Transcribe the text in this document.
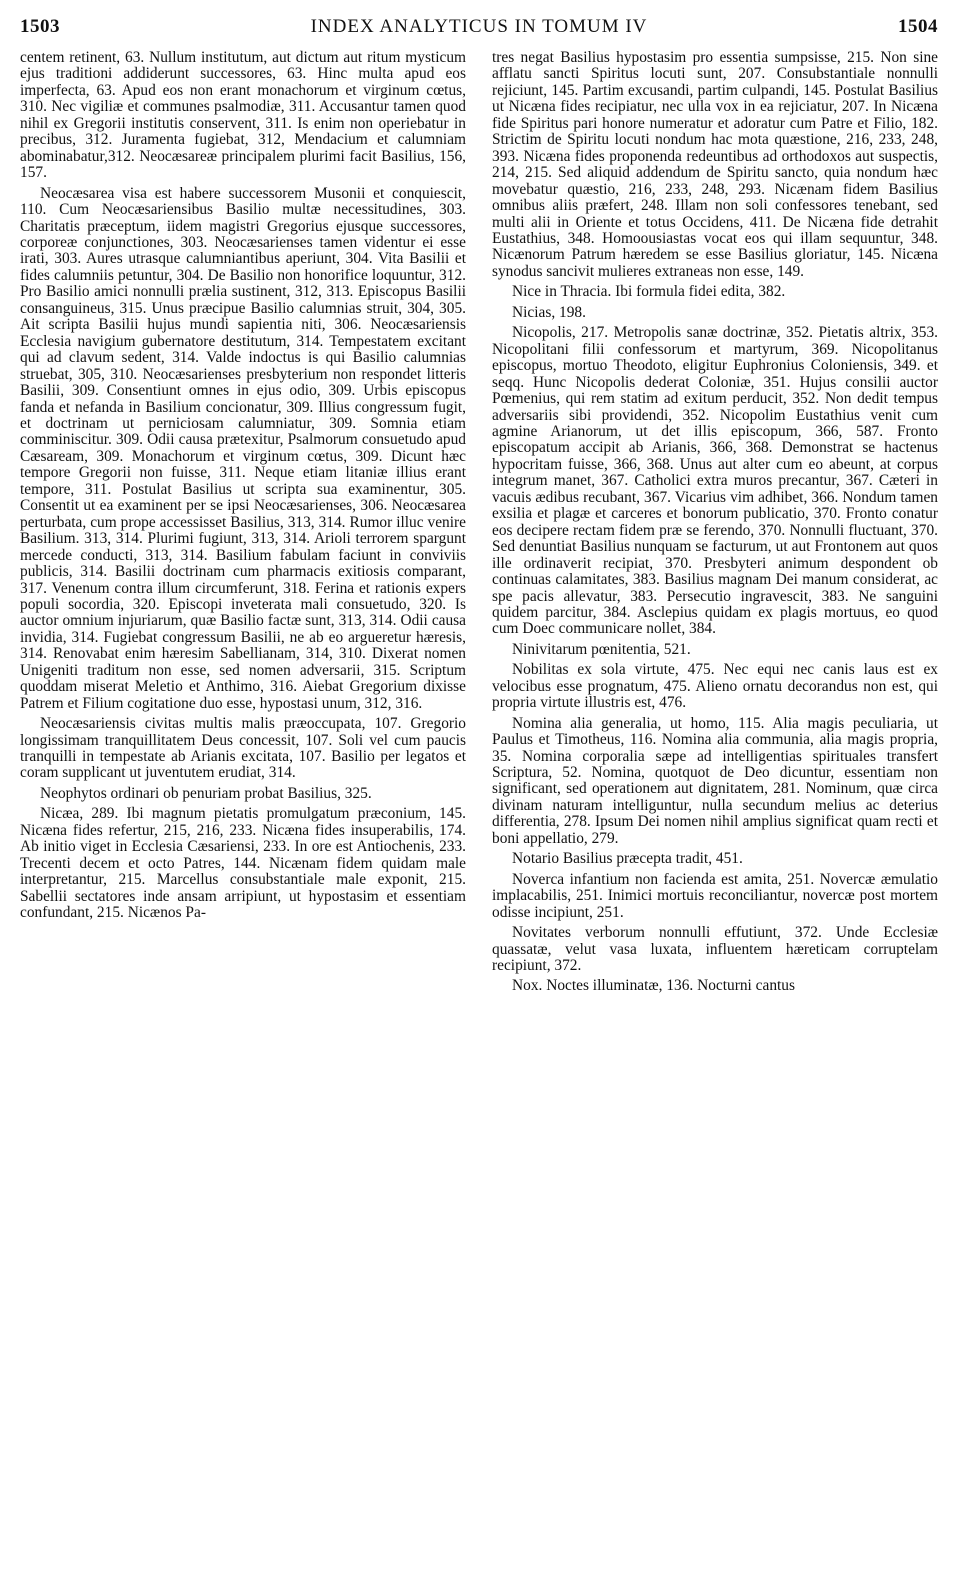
1503	INDEX ANALYTICUS IN TOMUM IV	1504

centem retinent, 63. Nullum institutum, aut dictum aut ritum mysticum ejus traditioni addiderunt successores, 63. Hinc multa apud eos imperfecta, 63. Apud eos non erant monachorum et virginum cœtus, 310. Nec vigiliæ et communes psalmodiæ, 311. Accusantur tamen quod nihil ex Gregorii institutis conservent, 311. Is enim non operiebatur in precibus, 312. Juramenta fugiebat, 312, Mendacium et calumniam abominabatur,312. Neocæsareæ principalem plurimi facit Basilius, 156, 157.

Neocæsarea visa est habere successorem Musonii et conquiescit, 110. Cum Neocæsariensibus Basilio multæ necessitudines, 303. Charitatis præceptum, iidem magistri Gregorius ejusque successores, corporeæ conjunctiones, 303. Neocæsarienses tamen videntur ei esse irati, 303. Aures utrasque calumniantibus aperiunt, 304. Vita Basilii et fides calumniis petuntur, 304. De Basilio non honorifice loquuntur, 312. Pro Basilio amici nonnulli prælia sustinent, 312, 313. Episcopus Basilii consanguineus, 315. Unus præcipue Basilio calumnias struit, 304, 305. Ait scripta Basilii hujus mundi sapientia niti, 306. Neocæsariensis Ecclesia navigium gubernatore destitutum, 314. Tempestatem excitant qui ad clavum sedent, 314. Valde indoctus is qui Basilio calumnias struebat, 305, 310. Neocæsarienses presbyterium non respondet litteris Basilii, 309. Consentiunt omnes in ejus odio, 309. Urbis episcopus fanda et nefanda in Basilium concionatur, 309. Illius congressum fugit, et doctrinam ut perniciosam calumniatur, 309. Somnia etiam comminiscitur. 309. Odii causa prætexitur, Psalmorum consuetudo apud Cæsaream, 309. Monachorum et virginum cœtus, 309. Dicunt hæc tempore Gregorii non fuisse, 311. Neque etiam litaniæ illius erant tempore, 311. Postulat Basilius ut scripta sua examinentur, 305. Consentit ut ea examinent per se ipsi Neocæsarienses, 306. Neocæsarea perturbata, cum prope accessisset Basilius, 313, 314. Rumor illuc venire Basilium. 313, 314. Plurimi fugiunt, 313, 314. Arioli terrorem spargunt mercede conducti, 313, 314. Basilium fabulam faciunt in conviviis publicis, 314. Basilii doctrinam cum pharmacis exitiosis comparant, 317. Venenum contra illum circumferunt, 318. Ferina et rationis expers populi socordia, 320. Episcopi inveterata mali consuetudo, 320. Is auctor omnium injuriarum, quæ Basilio factæ sunt, 313, 314. Odii causa invidia, 314. Fugiebat congressum Basilii, ne ab eo argueretur hæresis, 314. Renovabat enim hæresim Sabellianam, 314, 310. Dixerat nomen Unigeniti traditum non esse, sed nomen adversarii, 315. Scriptum quoddam miserat Meletio et Anthimo, 316. Aiebat Gregorium dixisse Patrem et Filium cogitatione duo esse, hypostasi unum, 312, 316.

Neocæsariensis civitas multis malis præoccupata, 107. Gregorio longissimam tranquillitatem Deus concessit, 107. Soli vel cum paucis tranquilli in tempestate ab Arianis excitata, 107. Basilio per legatos et coram supplicant ut juventutem erudiat, 314.

Neophytos ordinari ob penuriam probat Basilius, 325.

Nicæa, 289. Ibi magnum pietatis promulgatum præconium, 145. Nicæna fides refertur, 215, 216, 233. Nicæna fides insuperabilis, 174. Ab initio viget in Ecclesia Cæsariensi, 233. In ore est Antiochenis, 233. Trecenti decem et octo Patres, 144. Nicænam fidem quidam male interpretantur, 215. Marcellus consubstantiale male exponit, 215. Sabellii sectatores inde ansam arripiunt, ut hypostasim et essentiam confundant, 215. Nicænos Pa-

tres negat Basilius hypostasim pro essentia sumpsisse, 215. Non sine afflatu sancti Spiritus locuti sunt, 207. Consubstantiale nonnulli rejiciunt, 145. Partim excusandi, partim culpandi, 145. Postulat Basilius ut Nicæna fides recipiatur, nec ulla vox in ea rejiciatur, 207. In Nicæna fide Spiritus pari honore numeratur et adoratur cum Patre et Filio, 182. Strictim de Spiritu locuti nondum hac mota quæstione, 216, 233, 248, 393. Nicæna fides proponenda redeuntibus ad orthodoxos aut suspectis, 214, 215. Sed aliquid addendum de Spiritu sancto, quia nondum hæc movebatur quæstio, 216, 233, 248, 293. Nicænam fidem Basilius omnibus aliis præfert, 248. Illam non soli confessores tenebant, sed multi alii in Oriente et totus Occidens, 411. De Nicæna fide detrahit Eustathius, 348. Homoousiastas vocat eos qui illam sequuntur, 348. Nicænorum Patrum hæredem se esse Basilius gloriatur, 145. Nicæna synodus sancivit mulieres extraneas non esse, 149.

Nice in Thracia. Ibi formula fidei edita, 382.

Nicias, 198.

Nicopolis, 217. Metropolis sanæ doctrinæ, 352. Pietatis altrix, 353. Nicopolitani filii confessorum et martyrum, 369. Nicopolitanus episcopus, mortuo Theodoto, eligitur Euphronius Coloniensis, 349. et seqq. Hunc Nicopolis dederat Coloniæ, 351. Hujus consilii auctor Pœmenius, qui rem statim ad exitum perducit, 352. Non dedit tempus adversariis sibi providendi, 352. Nicopolim Eustathius venit cum agmine Arianorum, ut det illis episcopum, 366, 587. Fronto episcopatum accipit ab Arianis, 366, 368. Demonstrat se hactenus hypocritam fuisse, 366, 368. Unus aut alter cum eo abeunt, at corpus integrum manet, 367. Catholici extra muros precantur, 367. Cæteri in vacuis ædibus recubant, 367. Vicarius vim adhibet, 366. Nondum tamen exsilia et plagæ et carceres et bonorum publicatio, 370. Fronto conatur eos decipere rectam fidem præ se ferendo, 370. Nonnulli fluctuant, 370. Sed denuntiat Basilius nunquam se facturum, ut aut Frontonem aut quos ille ordinaverit recipiat, 370. Presbyteri animum despondent ob continuas calamitates, 383. Basilius magnam Dei manum considerat, ac spe pacis allevatur, 383. Persecutio ingravescit, 383. Ne sanguini quidem parcitur, 384. Asclepius quidam ex plagis mortuus, eo quod cum Doec communicare nollet, 384.

Ninivitarum pœnitentia, 521.

Nobilitas ex sola virtute, 475. Nec equi nec canis laus est ex velocibus esse prognatum, 475. Alieno ornatu decorandus non est, qui propria virtute illustris est, 476.

Nomina alia generalia, ut homo, 115. Alia magis peculiaria, ut Paulus et Timotheus, 116. Nomina alia communia, alia magis propria, 35. Nomina corporalia sæpe ad intelligentias spirituales transfert Scriptura, 52. Nomina, quotquot de Deo dicuntur, essentiam non significant, sed operationem aut dignitatem, 281. Nominum, quæ circa divinam naturam intelliguntur, nulla secundum melius ac deterius differentia, 278. Ipsum Dei nomen nihil amplius significat quam recti et boni appellatio, 279.

Notario Basilius præcepta tradit, 451.

Noverca infantium non facienda est amita, 251. Novercæ æmulatio implacabilis, 251. Inimici mortuis reconciliantur, novercæ post mortem odisse incipiunt, 251.

Novitates verborum nonnulli effutiunt, 372. Unde Ecclesiæ quassatæ, velut vasa luxata, influentem hæreticam corruptelam recipiunt, 372.

Nox. Noctes illuminatæ, 136. Nocturni cantus
